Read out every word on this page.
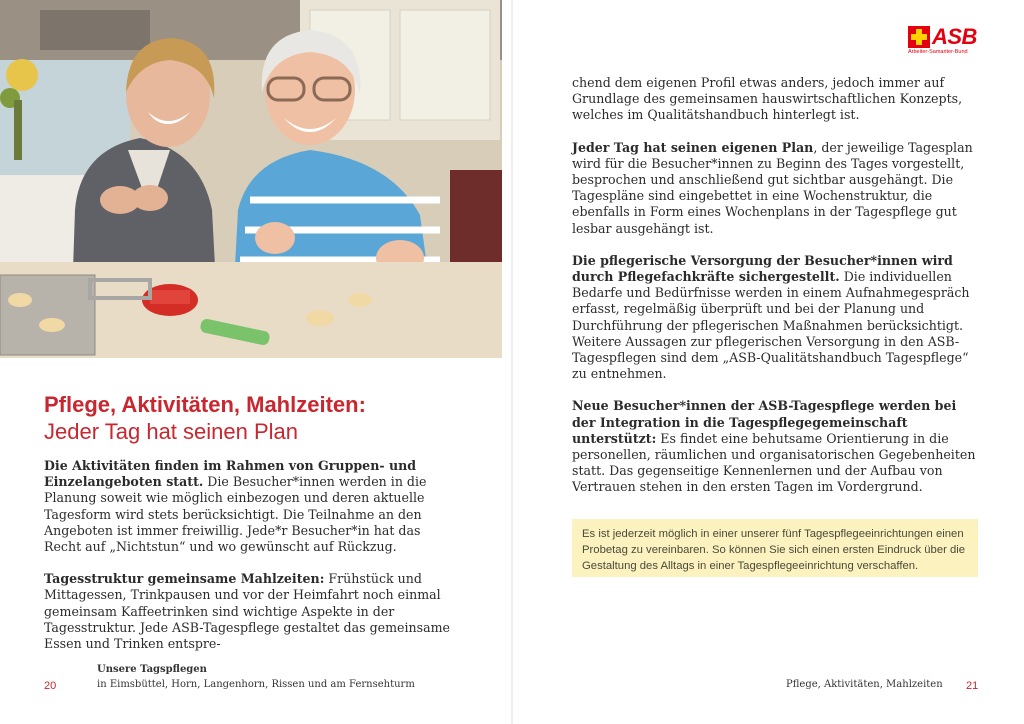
Pflege, Aktivitäten, Mahlzeiten:
Jeder Tag hat seinen Plan

Die Aktivitäten finden im Rahmen von Gruppen- und Einzelangeboten statt. Die Besucher*innen werden in die Planung soweit wie möglich einbezogen und deren aktuelle Tagesform wird stets berücksichtigt. Die Teilnahme an den Angeboten ist immer freiwillig. Jede*r Besucher*in hat das Recht auf „Nichtstun“ und wo gewünscht auf Rückzug.

Tagesstruktur gemeinsame Mahlzeiten: Frühstück und Mittagessen, Trinkpausen und vor der Heimfahrt noch einmal gemeinsam Kaffeetrinken sind wichtige Aspekte in der Tagesstruktur. Jede ASB-Tagespflege gestaltet das gemeinsame Essen und Trinken entspre-

ASB
Arbeiter-Samariter-Bund

chend dem eigenen Profil etwas anders, jedoch immer auf Grundlage des gemeinsamen hauswirtschaftlichen Konzepts, welches im Qualitätshandbuch hinterlegt ist.

Jeder Tag hat seinen eigenen Plan, der jeweilige Tagesplan wird für die Besucher*innen zu Beginn des Tages vorgestellt, besprochen und anschließend gut sichtbar ausgehängt. Die Tagespläne sind eingebettet in eine Wochenstruktur, die ebenfalls in Form eines Wochenplans in der Tagespflege gut lesbar ausgehängt ist.

Die pflegerische Versorgung der Besucher*innen wird durch Pflegefachkräfte sichergestellt. Die individuellen Bedarfe und Bedürfnisse werden in einem Aufnahmegespräch erfasst, regelmäßig überprüft und bei der Planung und Durchführung der pflegerischen Maßnahmen berücksichtigt. Weitere Aussagen zur pflegerischen Versorgung in den ASB-Tagespflegen sind dem „ASB-Qualitätshandbuch Tagespflege“ zu entnehmen.

Neue Besucher*innen der ASB-Tagespflege werden bei der Integration in die Tagespflegegemeinschaft unterstützt: Es findet eine behutsame Orientierung in die personellen, räumlichen und organisatorischen Gegebenheiten statt. Das gegenseitige Kennenlernen und der Aufbau von Vertrauen stehen in den ersten Tagen im Vordergrund.

Es ist jederzeit möglich in einer unserer fünf Tagespflegeeinrichtungen einen Probetag zu vereinbaren. So können Sie sich einen ersten Eindruck über die Gestaltung des Alltags in einer Tagespflegeeinrichtung verschaffen.
20
Unsere Tagspflegen
in Eimsbüttel, Horn, Langenhorn, Rissen und am Fernsehturm	Pflege, Aktivitäten, Mahlzeiten 21
